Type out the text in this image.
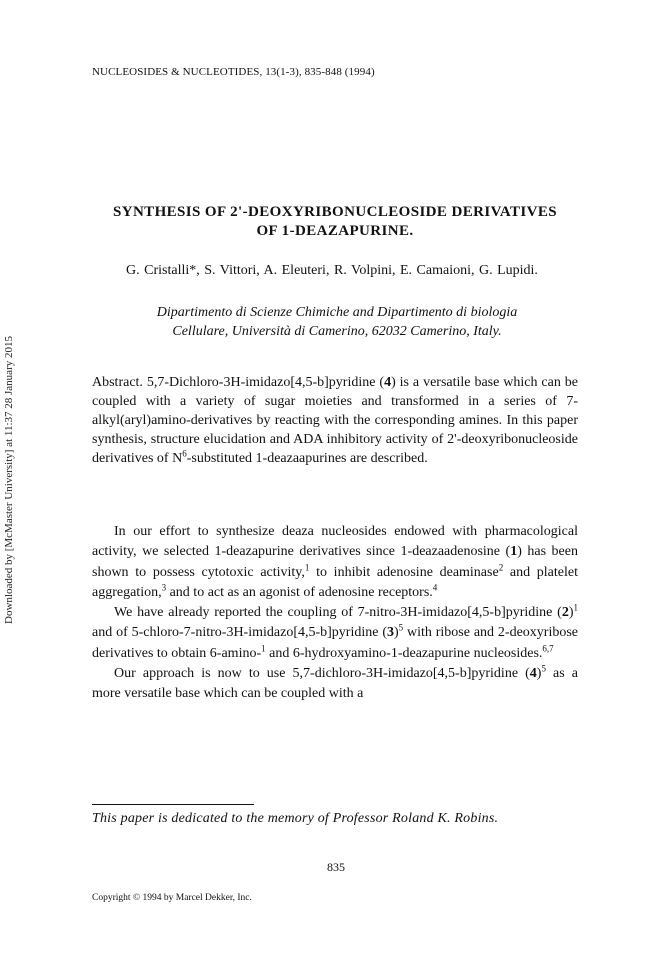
NUCLEOSIDES & NUCLEOTIDES, 13(1-3), 835-848 (1994)
Downloaded by [McMaster University] at 11:37 28 January 2015
SYNTHESIS OF 2'-DEOXYRIBONUCLEOSIDE DERIVATIVES
OF 1-DEAZAPURINE.
G. Cristalli*, S. Vittori, A. Eleuteri, R. Volpini, E. Camaioni, G. Lupidi.
Dipartimento di Scienze Chimiche and Dipartimento di biologia
Cellulare, Università di Camerino, 62032 Camerino, Italy.
Abstract. 5,7-Dichloro-3H-imidazo[4,5-b]pyridine (4) is a versatile base which can be coupled with a variety of sugar moieties and transformed in a series of 7-alkyl(aryl)amino-derivatives by reacting with the corresponding amines. In this paper synthesis, structure elucidation and ADA inhibitory activity of 2'-deoxyribonucleoside derivatives of $N^6$-substituted 1-deazaapurines are described.

In our effort to synthesize deaza nucleosides endowed with pharmacological activity, we selected 1-deazapurine derivatives since 1-deazaadenosine (1) has been shown to possess cytotoxic activity,$^1$ to inhibit adenosine deaminase$^2$ and platelet aggregation,$^3$ and to act as an agonist of adenosine receptors.$^4$

We have already reported the coupling of 7-nitro-3H-imidazo[4,5-b]pyridine $(2)^1$ and of 5-chloro-7-nitro-3H-imidazo[4,5-b]pyridine $(3)^5$ with ribose and 2-deoxyribose derivatives to obtain 6-amino-$^1$ and 6-hydroxyamino-1-deazapurine nucleosides.$^{6,7}$

Our approach is now to use 5,7-dichloro-3H-imidazo[4,5-b]pyridine $(4)^5$ as a more versatile base which can be coupled with a

This paper is dedicated to the memory of Professor Roland K. Robins.
835
Copyright © 1994 by Marcel Dekker, Inc.
